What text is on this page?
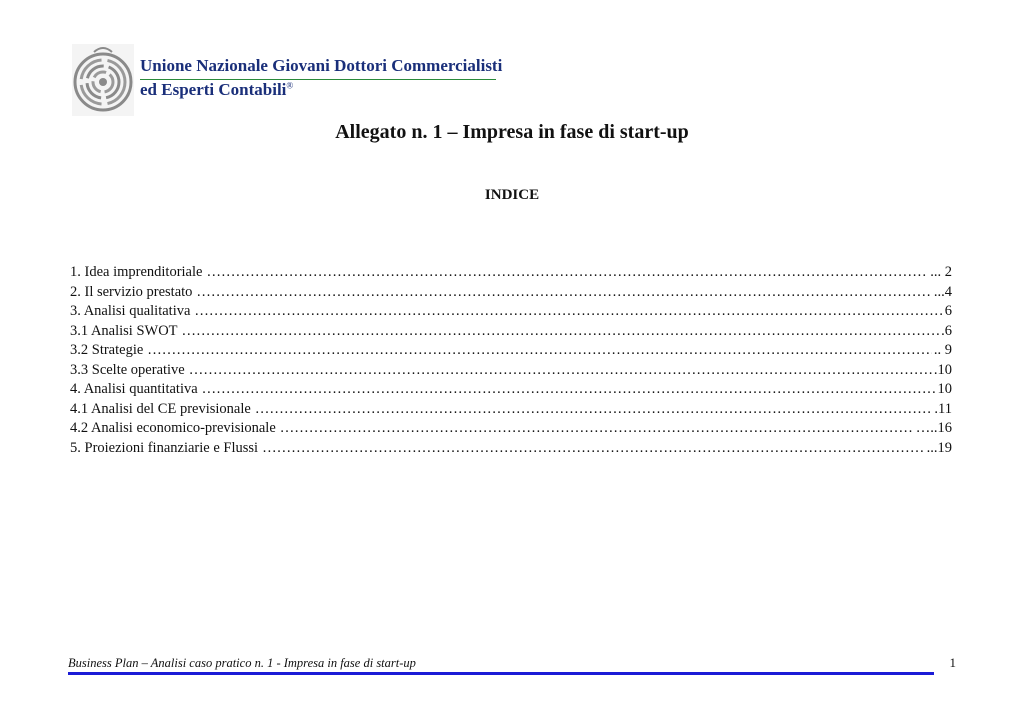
Unione Nazionale Giovani Dottori Commercialisti
ed Esperti Contabili®
Allegato n. 1 – Impresa in fase di start-up
INDICE
1. Idea imprenditoriale ………………………………………………………………………………………………………………………………………………………………………………………………………………………………	... 2
2. Il servizio prestato ………………………………………………………………………………………………………………………………………………………………………………………………………………………………	...4
3. Analisi qualitativa ………………………………………………………………………………………………………………………………………………………………………………………………………………………………	6
3.1 Analisi SWOT ………………………………………………………………………………………………………………………………………………………………………………………………………………………………	.6
3.2 Strategie ………………………………………………………………………………………………………………………………………………………………………………………………………………………………	.. 9
3.3 Scelte operative ………………………………………………………………………………………………………………………………………………………………………………………………………………………………	.10
4. Analisi quantitativa ………………………………………………………………………………………………………………………………………………………………………………………………………………………………	10
4.1 Analisi del CE previsionale ………………………………………………………………………………………………………………………………………………………………………………………………………………………………	.11
4.2 Analisi economico-previsionale ………………………………………………………………………………………………………………………………………………………………………………………………………………………………	…..16
5. Proiezioni finanziarie e Flussi ………………………………………………………………………………………………………………………………………………………………………………………………………………………………	...19
Business Plan – Analisi caso pratico n. 1 - Impresa in fase di start-up	1
